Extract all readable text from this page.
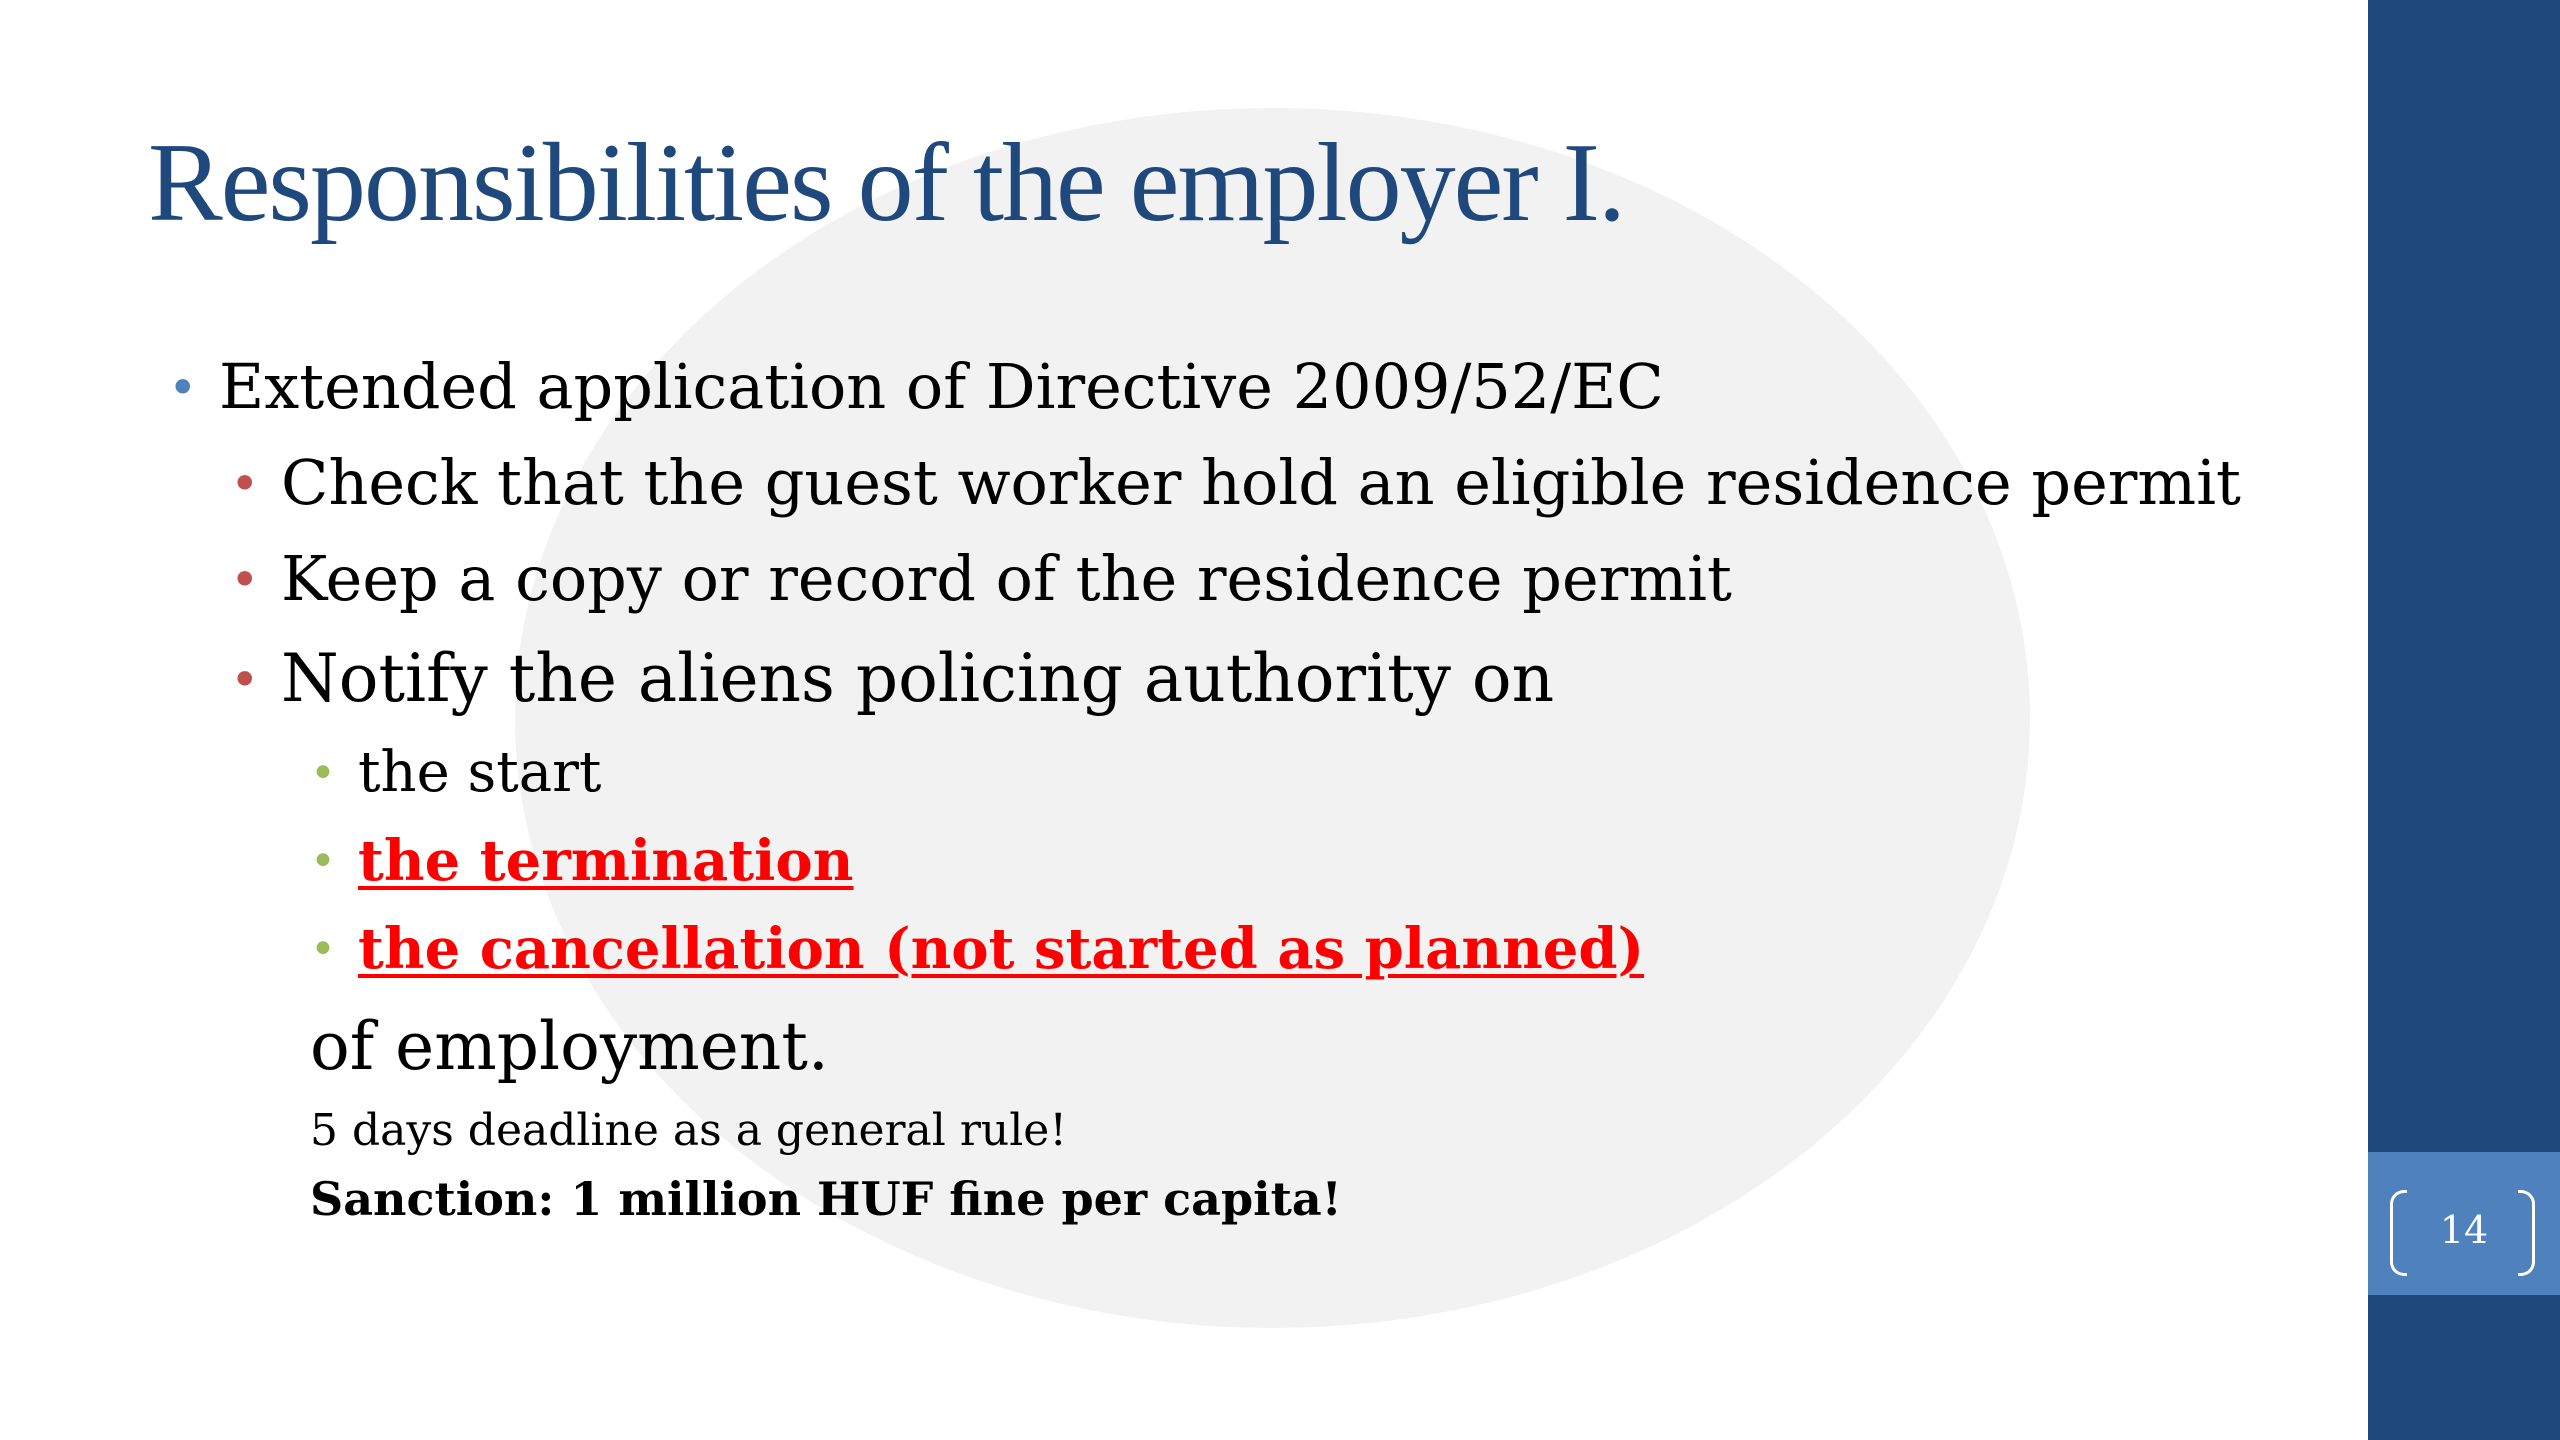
Responsibilities of the employer I.
• Extended application of Directive 2009/52/EC
• Check that the guest worker hold an eligible residence permit
• Keep a copy or record of the residence permit
• Notify the aliens policing authority on
• the start
• the termination
• the cancellation (not started as planned)
of employment.
5 days deadline as a general rule!
Sanction: 1 million HUF fine per capita!
14
